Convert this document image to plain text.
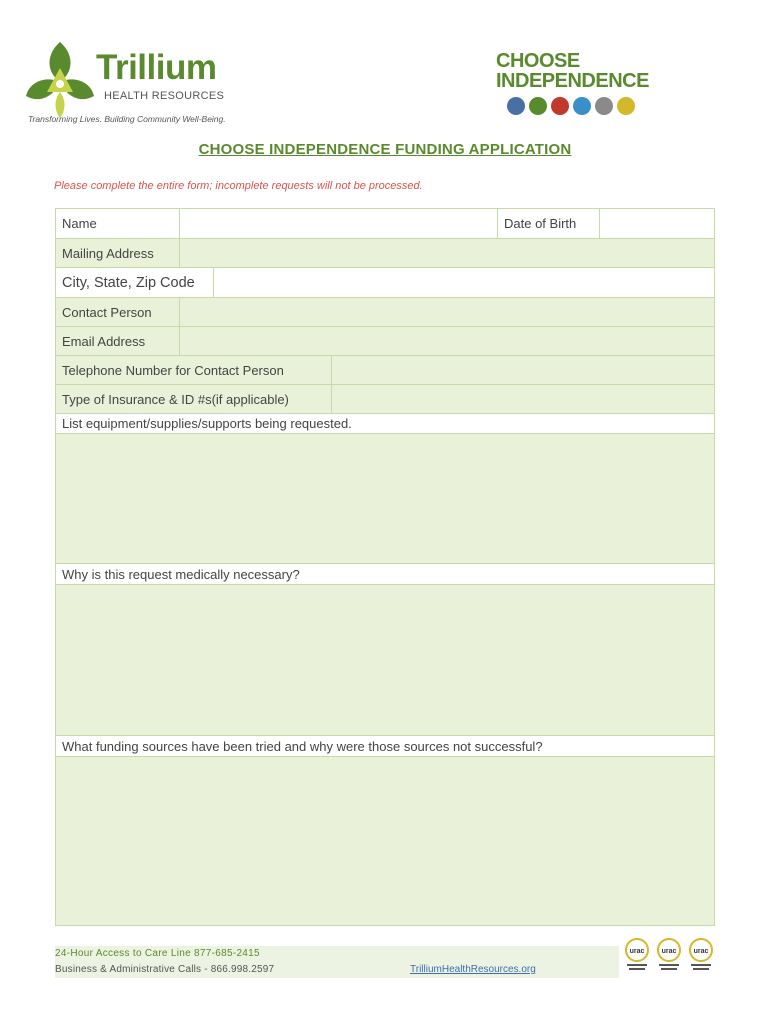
Trillium
HEALTH RESOURCES
Transforming Lives. Building Community Well-Being.
CHOOSE
INDEPENDENCE
CHOOSE INDEPENDENCE FUNDING APPLICATION
Please complete the entire form; incomplete requests will not be processed.
Name	Date of Birth
Mailing Address
City, State, Zip Code
Contact Person
Email Address
Telephone Number for Contact Person
Type of Insurance & ID #s(if applicable)
List equipment/supplies/supports being requested.
Why is this request medically necessary?
What funding sources have been tried and why were those sources not successful?
24-Hour Access to Care Line 877-685-2415
Business & Administrative Calls - 866.998.2597	TrilliumHealthResources.org
urac urac urac
